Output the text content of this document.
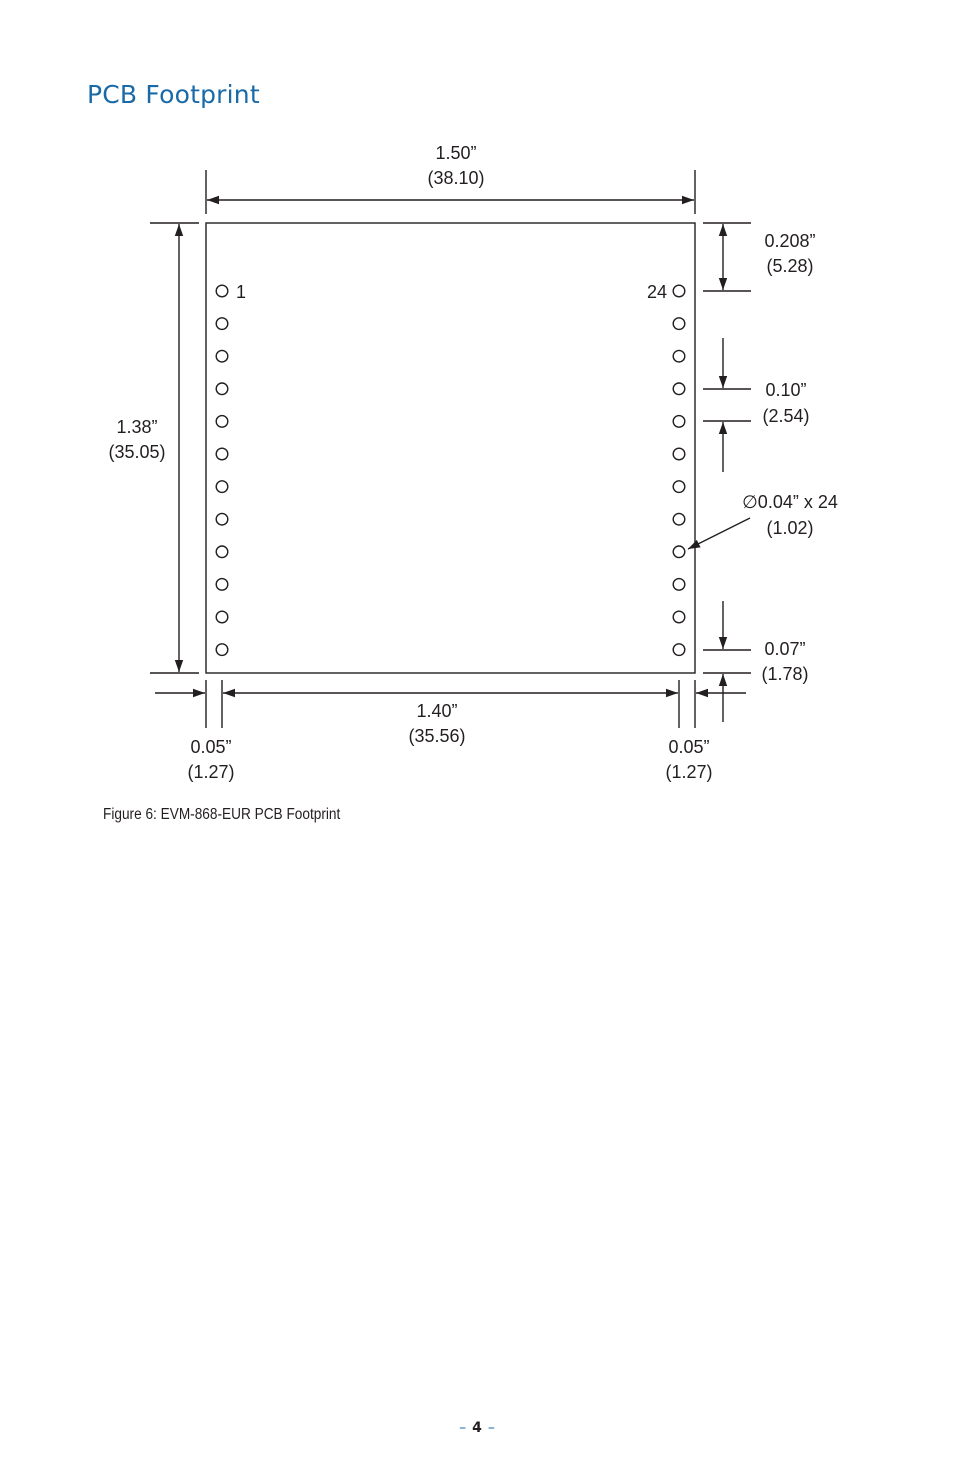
PCB Footprint
1	24
1.50”
(38.10)
1.38”
(35.05)
0.208”
(5.28)
0.10”
(2.54)
∅0.04” x 24
(1.02)
0.07”
(1.78)
1.40”
(35.56)
0.05”
(1.27)
0.05”
(1.27)
Figure 6: EVM-868-EUR PCB Footprint
– 4 –
